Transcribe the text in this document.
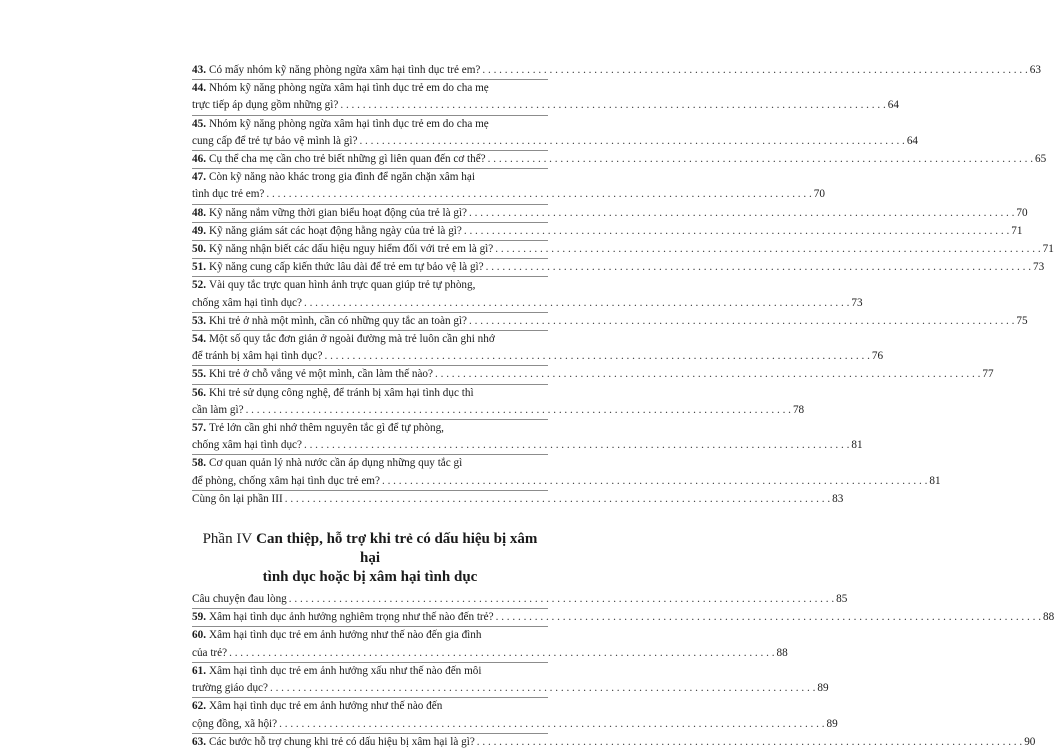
43. Có mấy nhóm kỹ năng phòng ngừa xâm hại tình dục trẻ em? . . .	63
44. Nhóm kỹ năng phòng ngừa xâm hại tình dục trẻ em do cha mẹ
trực tiếp áp dụng gồm những gì? . . .	64
45. Nhóm kỹ năng phòng ngừa xâm hại tình dục trẻ em do cha mẹ
cung cấp để trẻ tự bảo vệ mình là gì? . . .	64
46. Cụ thể cha mẹ cần cho trẻ biết những gì liên quan đến cơ thể? . . .	65
47. Còn kỹ năng nào khác trong gia đình để ngăn chặn xâm hại
tình dục trẻ em? . . .	70
48. Kỹ năng nắm vững thời gian biểu hoạt động của trẻ là gì? . . .	70
49. Kỹ năng giám sát các hoạt động hằng ngày của trẻ là gì? . . .	71
50. Kỹ năng nhận biết các dấu hiệu nguy hiểm đối với trẻ em là gì? . . .	71
51. Kỹ năng cung cấp kiến thức lâu dài để trẻ em tự bảo vệ là gì? . . .	73
52. Vài quy tắc trực quan hình ảnh trực quan giúp trẻ tự phòng,
chống xâm hại tình dục? . . .	73
53. Khi trẻ ở nhà một mình, cần có những quy tắc an toàn gì? . . .	75
54. Một số quy tắc đơn giản ở ngoài đường mà trẻ luôn cần ghi nhớ
để tránh bị xâm hại tình dục? . . .	76
55. Khi trẻ ở chỗ vắng vẻ một mình, cần làm thế nào? . . .	77
56. Khi trẻ sử dụng công nghệ, để tránh bị xâm hại tình dục thì
cần làm gì? . . .	78
57. Trẻ lớn cần ghi nhớ thêm nguyên tắc gì để tự phòng,
chống xâm hại tình dục? . . .	81
58. Cơ quan quản lý nhà nước cần áp dụng những quy tắc gì
để phòng, chống xâm hại tình dục trẻ em? . . .	81
Cùng ôn lại phần III . . .	83
Phần IV Can thiệp, hỗ trợ khi trẻ có dấu hiệu bị xâm hại
tình dục hoặc bị xâm hại tình dục
Câu chuyện đau lòng . . .	85
59. Xâm hại tình dục ảnh hưởng nghiêm trọng như thế nào đến trẻ? . . .	88
60. Xâm hại tình dục trẻ em ảnh hưởng như thế nào đến gia đình
của trẻ? . . .	88
61. Xâm hại tình dục trẻ em ảnh hưởng xấu như thế nào đến môi
trường giáo dục? . . .	89
62. Xâm hại tình dục trẻ em ảnh hưởng như thế nào đến
cộng đồng, xã hội? . . .	89
63. Các bước hỗ trợ chung khi trẻ có dấu hiệu bị xâm hại là gì? . . .	90
